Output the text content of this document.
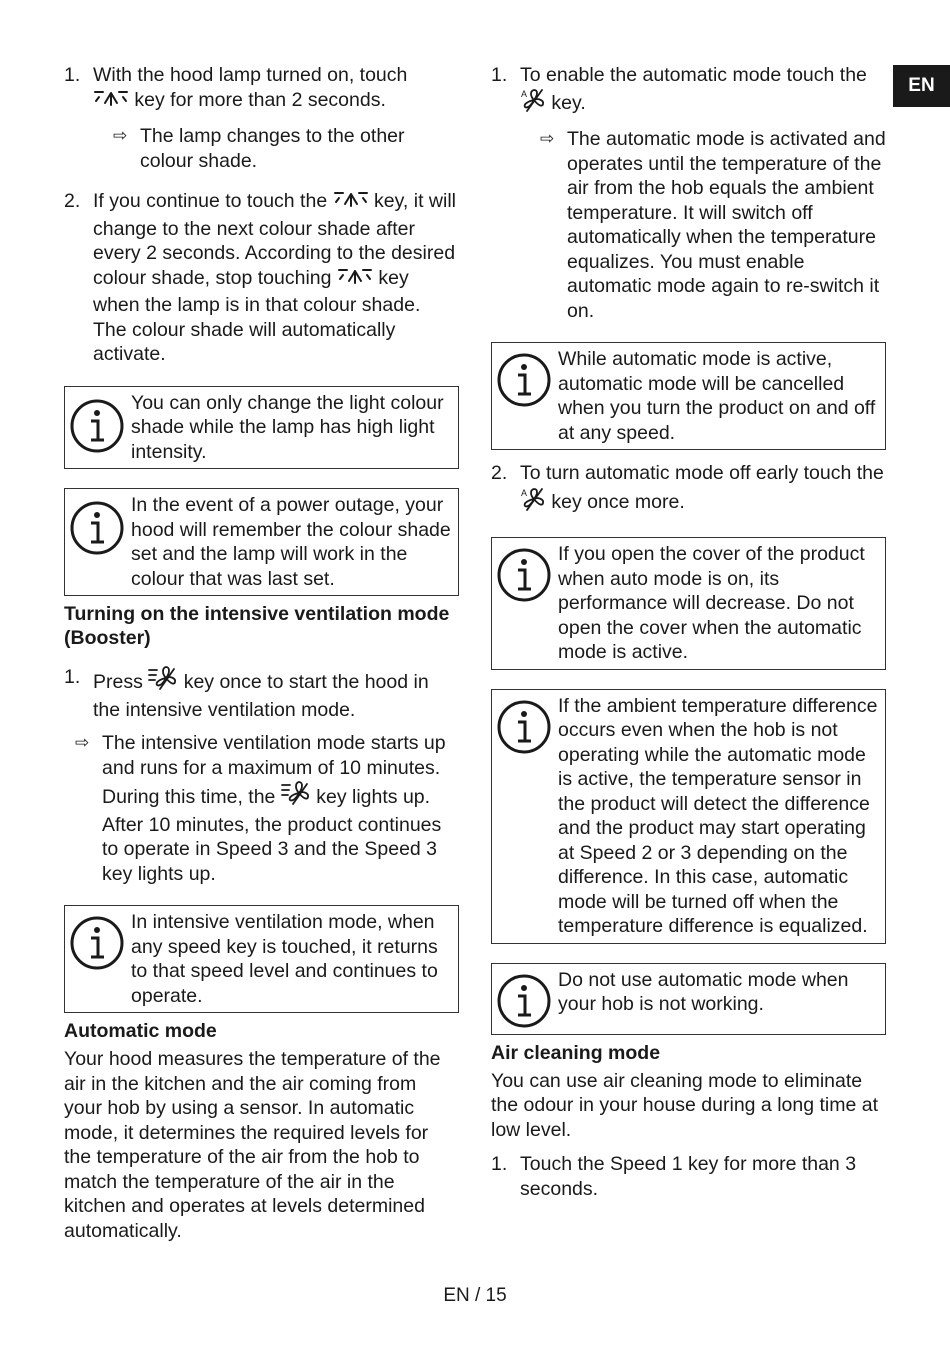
EN
1. With the hood lamp turned on, touch
key for more than 2 seconds.
⇨ The lamp changes to the other colour shade.
2. If you continue to touch the key, it will change to the next colour shade after every 2 seconds. According to the desired colour shade, stop touching key when the lamp is in that colour shade. The colour shade will automatically activate.
You can only change the light colour shade while the lamp has high light intensity.
In the event of a power outage, your hood will remember the colour shade set and the lamp will work in the colour that was last set.
Turning on the intensive ventilation mode (Booster)
1. Press key once to start the hood in the intensive ventilation mode.
⇨ The intensive ventilation mode starts up and runs for a maximum of 10 minutes. During this time, the key lights up. After 10 minutes, the product continues to operate in Speed 3 and the Speed 3 key lights up.
In intensive ventilation mode, when any speed key is touched, it returns to that speed level and continues to operate.
Automatic mode
Your hood measures the temperature of the air in the kitchen and the air coming from your hob by using a sensor. In automatic mode, it determines the required levels for the temperature of the air from the hob to match the temperature of the air in the kitchen and operates at levels determined automatically.
1. To enable the automatic mode touch the
A key.
⇨ The automatic mode is activated and operates until the temperature of the air from the hob equals the ambient temperature. It will switch off automatically when the temperature equalizes. You must enable automatic mode again to re-switch it on.
While automatic mode is active, automatic mode will be cancelled when you turn the product on and off at any speed.
2. To turn automatic mode off early touch the
A key once more.
If you open the cover of the product when auto mode is on, its performance will decrease. Do not open the cover when the automatic mode is active.
If the ambient temperature difference occurs even when the hob is not operating while the automatic mode is active, the temperature sensor in the product will detect the difference and the product may start operating at Speed 2 or 3 depending on the difference. In this case, automatic mode will be turned off when the temperature difference is equalized.
Do not use automatic mode when your hob is not working.
Air cleaning mode
You can use air cleaning mode to eliminate the odour in your house during a long time at low level.
1. Touch the Speed 1 key for more than 3 seconds.
EN / 15
